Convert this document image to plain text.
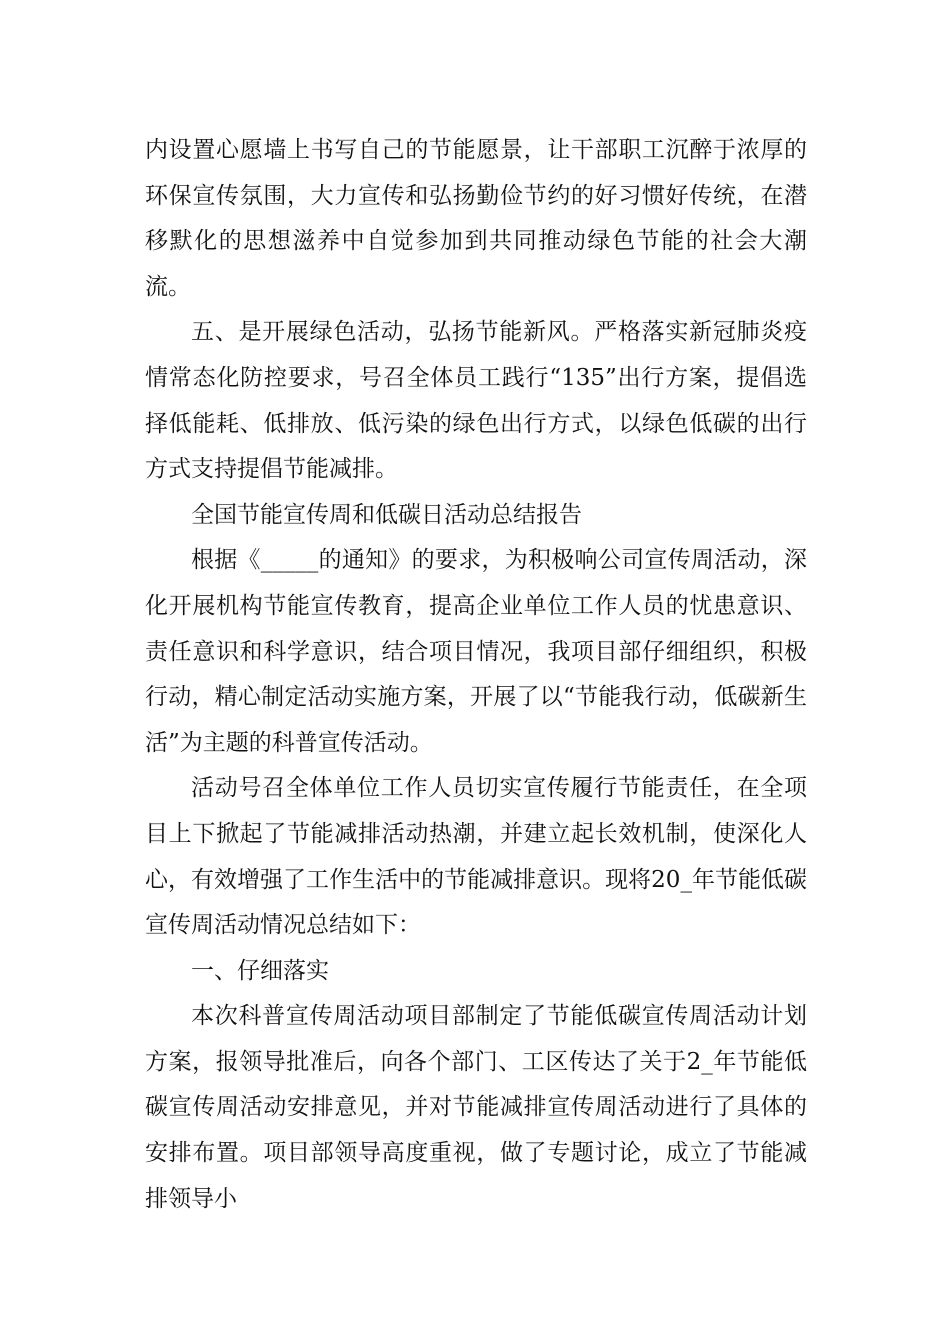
内设置心愿墙上书写自己的节能愿景，让干部职工沉醉于浓厚的环保宣传氛围，大力宣传和弘扬勤俭节约的好习惯好传统，在潜移默化的思想滋养中自觉参加到共同推动绿色节能的社会大潮流。

五、是开展绿色活动，弘扬节能新风。严格落实新冠肺炎疫情常态化防控要求，号召全体员工践行“135”出行方案，提倡选择低能耗、低排放、低污染的绿色出行方式，以绿色低碳的出行方式支持提倡节能减排。

全国节能宣传周和低碳日活动总结报告

根据《_____的通知》的要求，为积极响公司宣传周活动，深化开展机构节能宣传教育，提高企业单位工作人员的忧患意识、责任意识和科学意识，结合项目情况，我项目部仔细组织，积极行动，精心制定活动实施方案，开展了以“节能我行动，低碳新生活”为主题的科普宣传活动。

活动号召全体单位工作人员切实宣传履行节能责任，在全项目上下掀起了节能减排活动热潮，并建立起长效机制，使深化人心，有效增强了工作生活中的节能减排意识。现将20_年节能低碳宣传周活动情况总结如下：

一、仔细落实

本次科普宣传周活动项目部制定了节能低碳宣传周活动计划方案，报领导批准后，向各个部门、工区传达了关于2_年节能低碳宣传周活动安排意见，并对节能减排宣传周活动进行了具体的安排布置。项目部领导高度重视，做了专题讨论，成立了节能减排领导小
